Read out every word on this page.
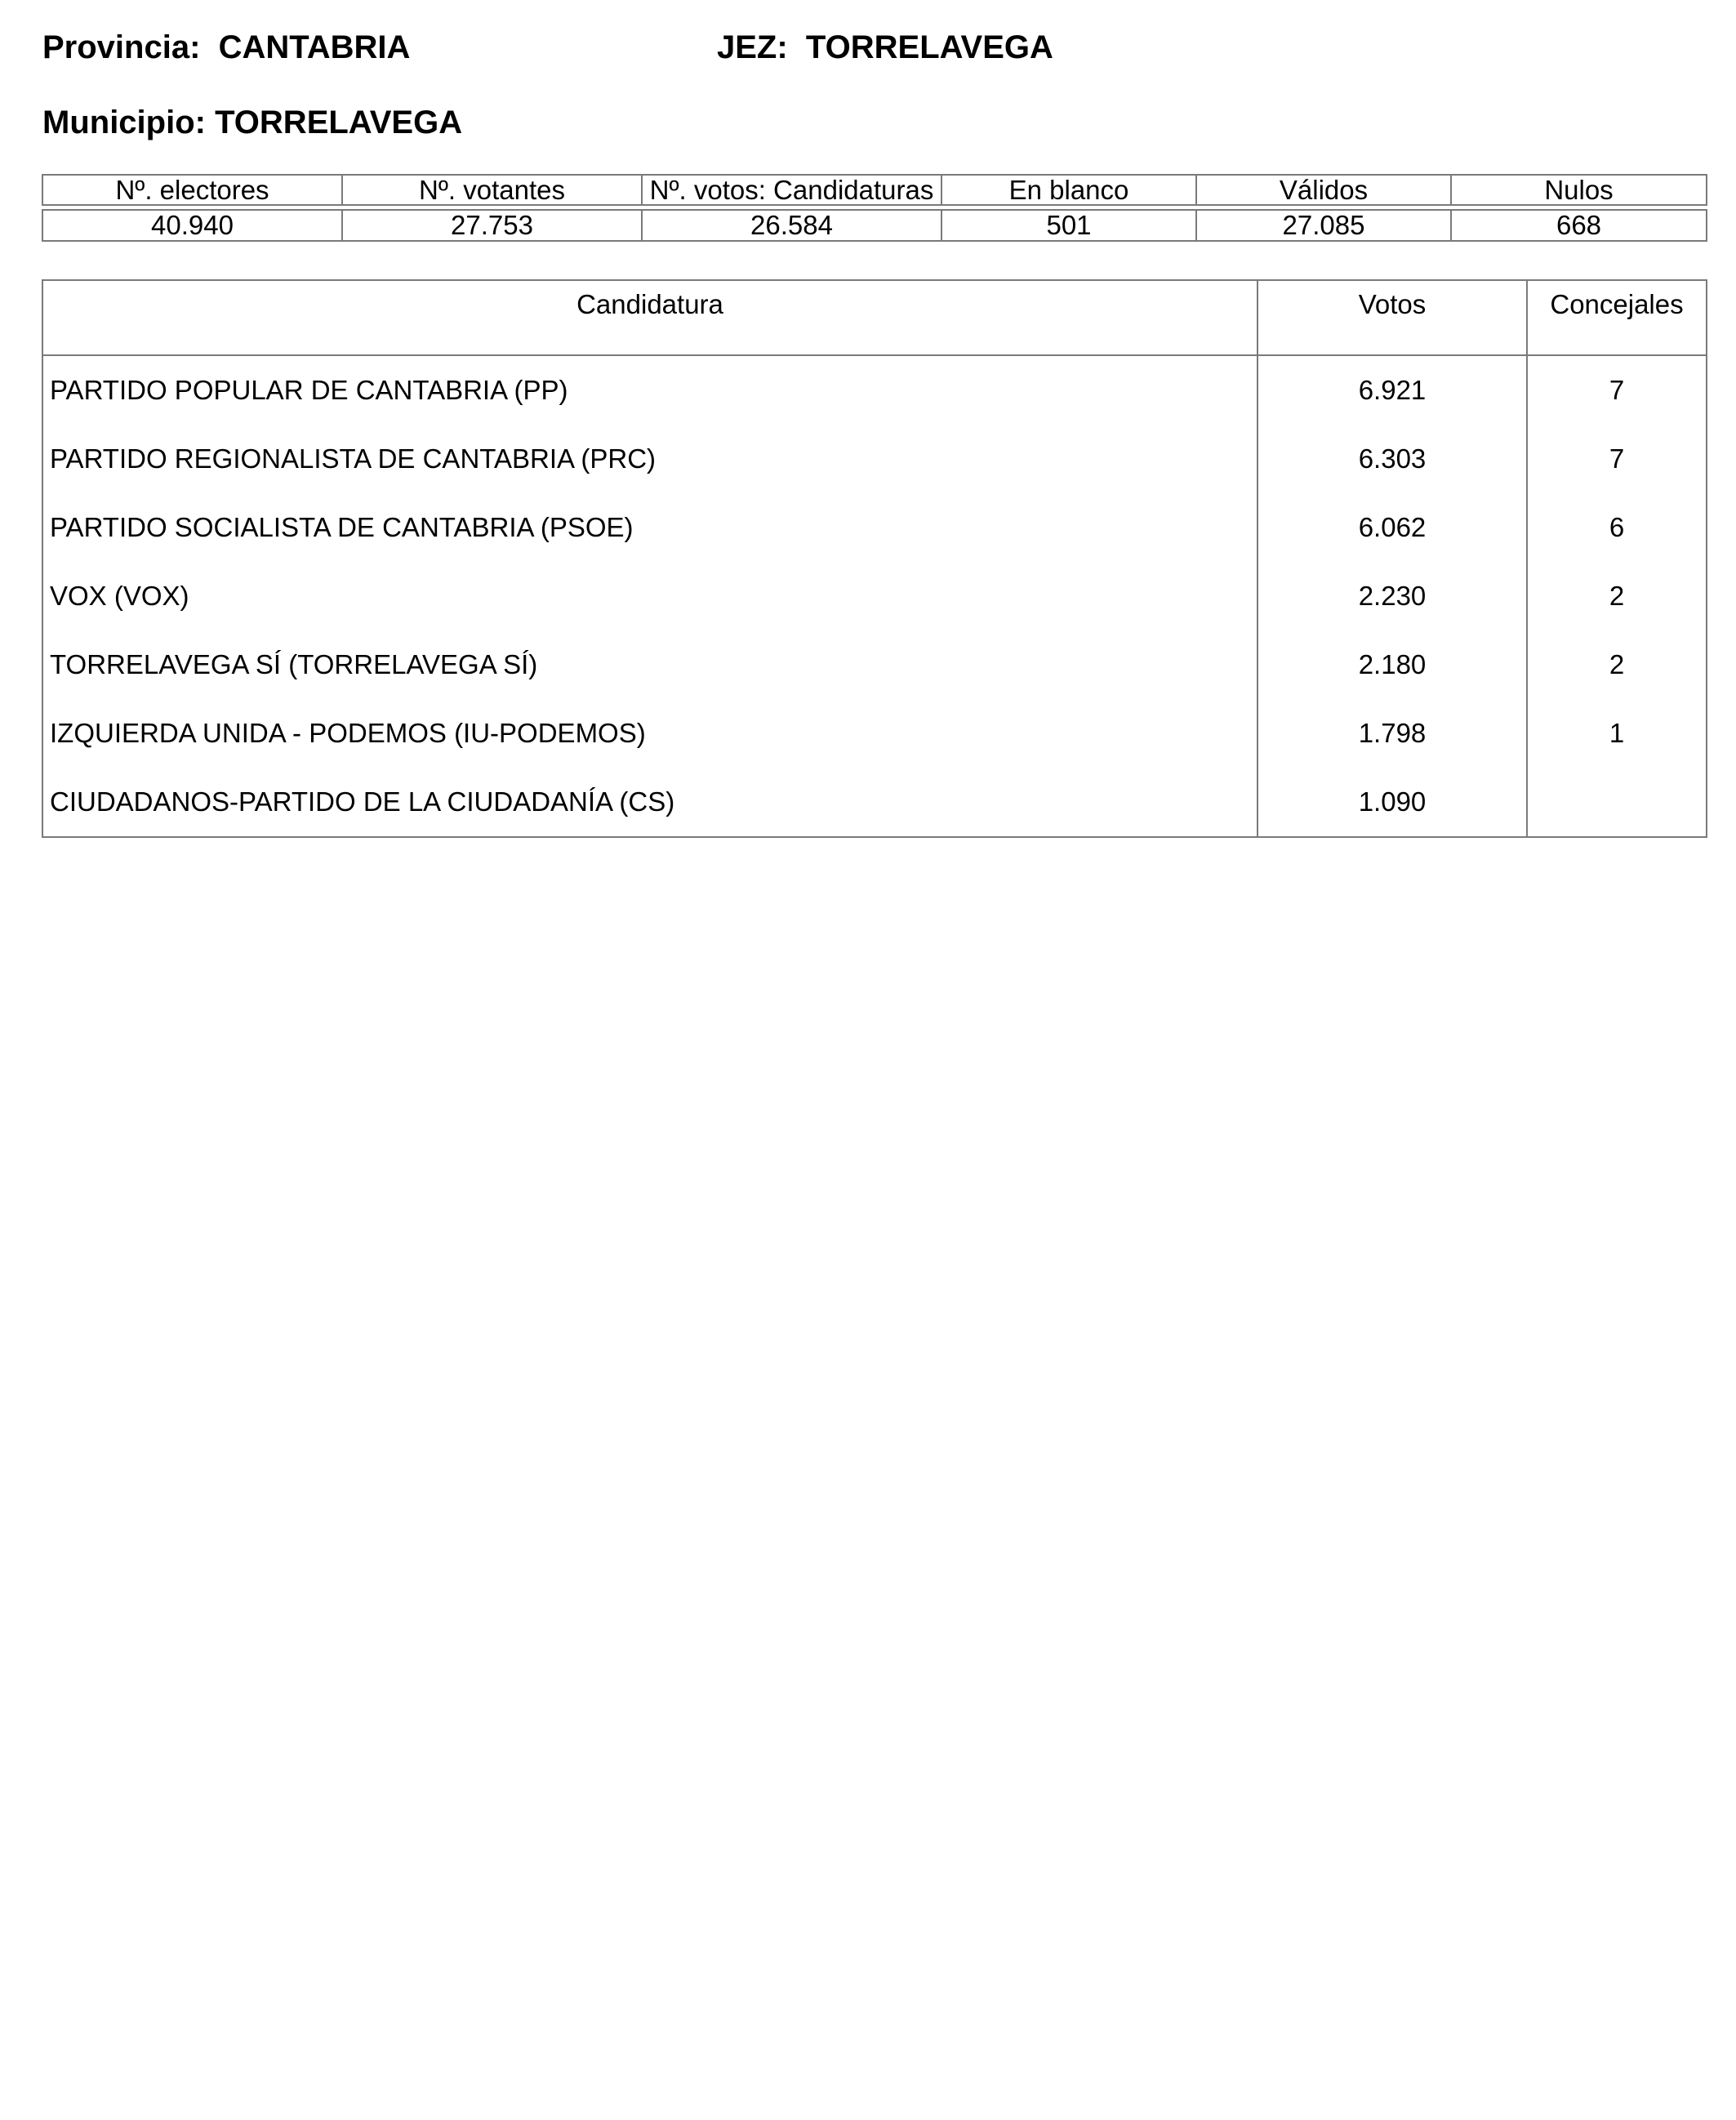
Provincia: CANTABRIA	JEZ: TORRELAVEGA
Municipio: TORRELAVEGA
Nº. electores	Nº. votantes	Nº. votos: Candidaturas	En blanco	Válidos	Nulos

40.940	27.753	26.584	501	27.085	668
Candidatura	Votos	Concejales
PARTIDO POPULAR DE CANTABRIA (PP)	6.921	7
PARTIDO REGIONALISTA DE CANTABRIA (PRC)	6.303	7
PARTIDO SOCIALISTA DE CANTABRIA (PSOE)	6.062	6
VOX (VOX)	2.230	2
TORRELAVEGA SÍ (TORRELAVEGA SÍ)	2.180	2
IZQUIERDA UNIDA - PODEMOS (IU-PODEMOS)	1.798	1
CIUDADANOS-PARTIDO DE LA CIUDADANÍA (CS)	1.090	
